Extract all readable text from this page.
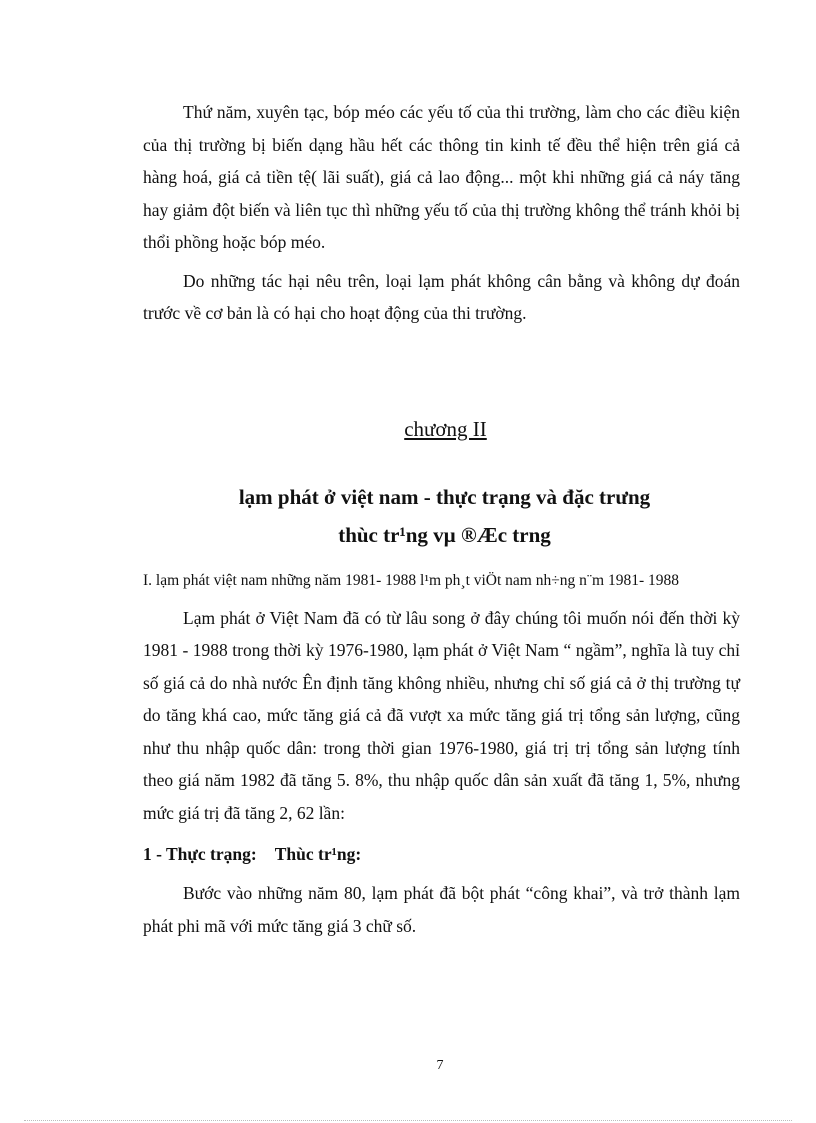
Thứ năm, xuyên tạc, bóp méo các yếu tố của thi trường, làm cho các điều kiện của thị trường bị biến dạng hầu hết các thông tin kinh tế đều thể hiện trên giá cả hàng hoá, giá cả tiền tệ( lãi suất), giá cả lao động... một khi những giá cả náy tăng hay giảm đột biến và liên tục thì những yếu tố của thị trường không thể tránh khỏi bị thổi phồng hoặc bóp méo.

Do những tác hại nêu trên, loại lạm phát không cân bằng và không dự đoán trước về cơ bản là có hại cho hoạt động của thi trường.

chương II
lạm phát ở việt nam - thực trạng và đặc trưng
thùc tr¹ng vµ ®Æc trng
I. lạm phát việt nam những năm 1981- 1988 l¹m ph¸t viÖt nam nh÷ng n¨m 1981- 1988

Lạm phát ở Việt Nam đã có từ lâu song ở đây chúng tôi muốn nói đến thời kỳ 1981 - 1988 trong thời kỳ 1976-1980, lạm phát ở Việt Nam “ ngầm”, nghĩa là tuy chỉ số giá cả do nhà nước Ên định tăng không nhiều, nhưng chỉ số giá cả ở thị trường tự do tăng khá cao, mức tăng giá cả đã vượt xa mức tăng giá trị tổng sản lượng, cũng như thu nhập quốc dân: trong thời gian 1976-1980, giá trị trị tổng sản lượng tính theo giá năm 1982 đã tăng 5. 8%, thu nhập quốc dân sản xuất đã tăng 1, 5%, nhưng mức giá trị đã tăng 2, 62 lần:

1 - Thực trạng: Thùc tr¹ng:

Bước vào những năm 80, lạm phát đã bột phát “công khai”, và trở thành lạm phát phi mã với mức tăng giá 3 chữ số.

7
